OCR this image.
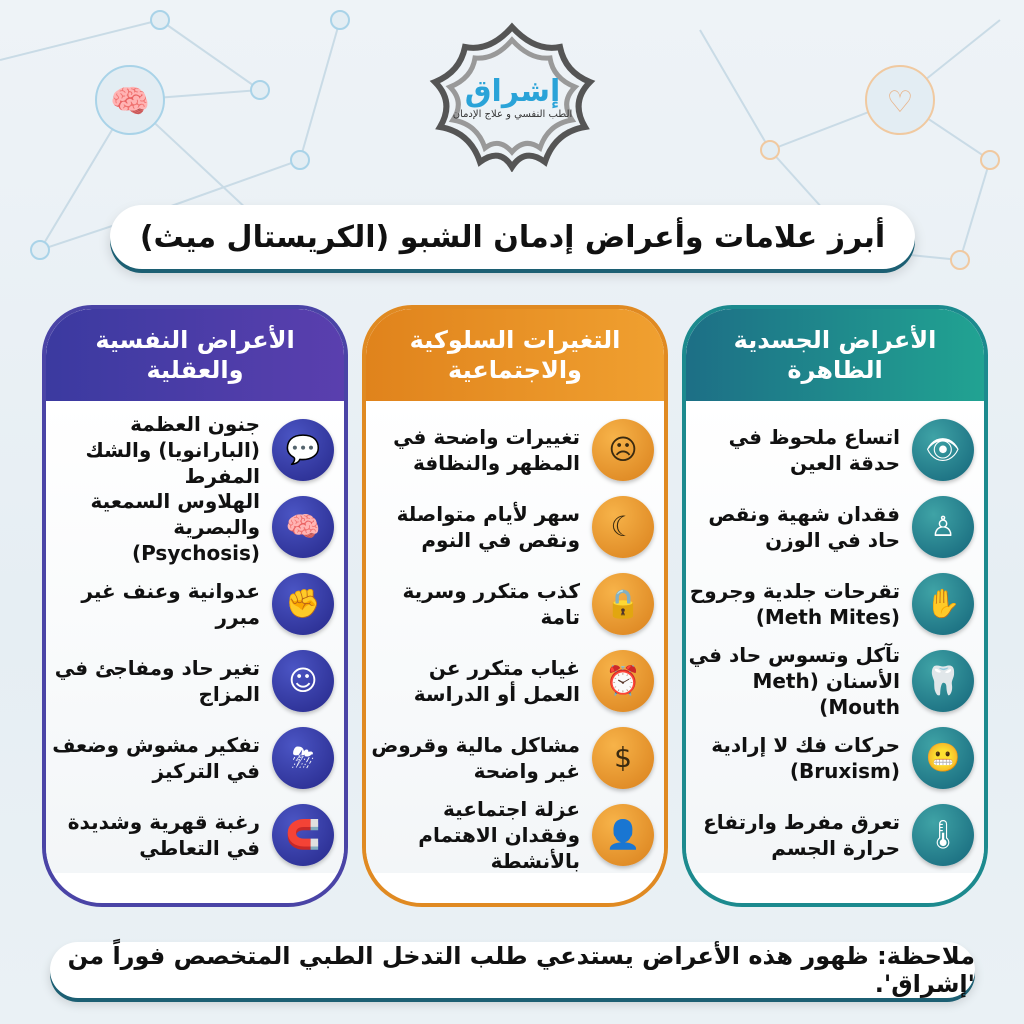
🧠	♡
إشراق
الطب النفسي و علاج الإدمان
أبرز علامات وأعراض إدمان الشبو (الكريستال ميث)
الأعراض الجسدية الظاهرة
👁
اتساع ملحوظ في حدقة العين
♙
فقدان شهية ونقص حاد في الوزن
✋
تقرحات جلدية وجروح (Meth Mites)
🦷
تآكل وتسوس حاد في الأسنان (Meth Mouth)
😬
حركات فك لا إرادية (Bruxism)
🌡
تعرق مفرط وارتفاع حرارة الجسم
التغيرات السلوكية والاجتماعية
☹
تغييرات واضحة في المظهر والنظافة
☾
سهر لأيام متواصلة ونقص في النوم
🔒
كذب متكرر وسرية تامة
⏰
غياب متكرر عن العمل أو الدراسة
$
مشاكل مالية وقروض غير واضحة
👤
عزلة اجتماعية وفقدان الاهتمام بالأنشطة
الأعراض النفسية والعقلية
💬
جنون العظمة (البارانويا) والشك المفرط
🧠
الهلاوس السمعية والبصرية (Psychosis)
✊
عدوانية وعنف غير مبرر
☺
تغير حاد ومفاجئ في المزاج
⛈
تفكير مشوش وضعف في التركيز
🧲
رغبة قهرية وشديدة في التعاطي
ملاحظة: ظهور هذه الأعراض يستدعي طلب التدخل الطبي المتخصص فوراً من 'إشراق'.
